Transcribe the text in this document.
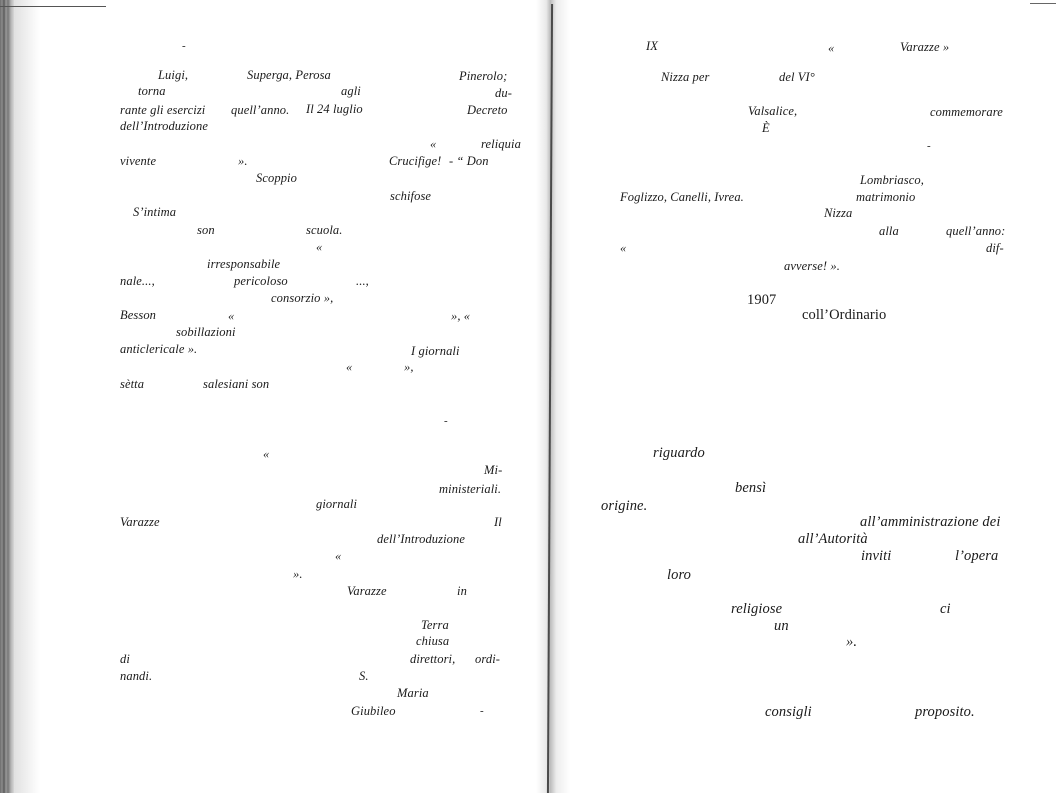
-
Luigi,	Superga, Perosa	Pinerolo;
torna	agli	du-
rante gli esercizi quell’anno. Il 24 luglio	Decreto
dell’Introduzione
«	reliquia
vivente	».	Crucifige! - “ Don
Scoppio
schifose
S’intima
son	scuola.
«
irresponsabile
nale...,	pericoloso	...,
consorzio »,
Besson	«	», «
sobillazioni
anticlericale ».	I giornali
«	»,
sètta	salesiani son
-
«
Mi-
ministeriali.
giornali
Varazze	Il
dell’Introduzione
«
».
Varazze	in
Terra
chiusa
di	direttori, ordi-
nandi.	S.
Maria
Giubileo	-
IX	«	Varazze »
Nizza per	del VI°
Valsalice,	commemorare
È
-
Lombriasco,
Foglizzo, Canelli, Ivrea.	matrimonio
Nizza
alla	quell’anno:
«	dif-
avverse! ».
1907
coll’Ordinario
riguardo
bensì
origine.
all’amministrazione dei
all’Autorità
inviti	l’opera
loro
religiose	ci
un
».
consigli	proposito.
